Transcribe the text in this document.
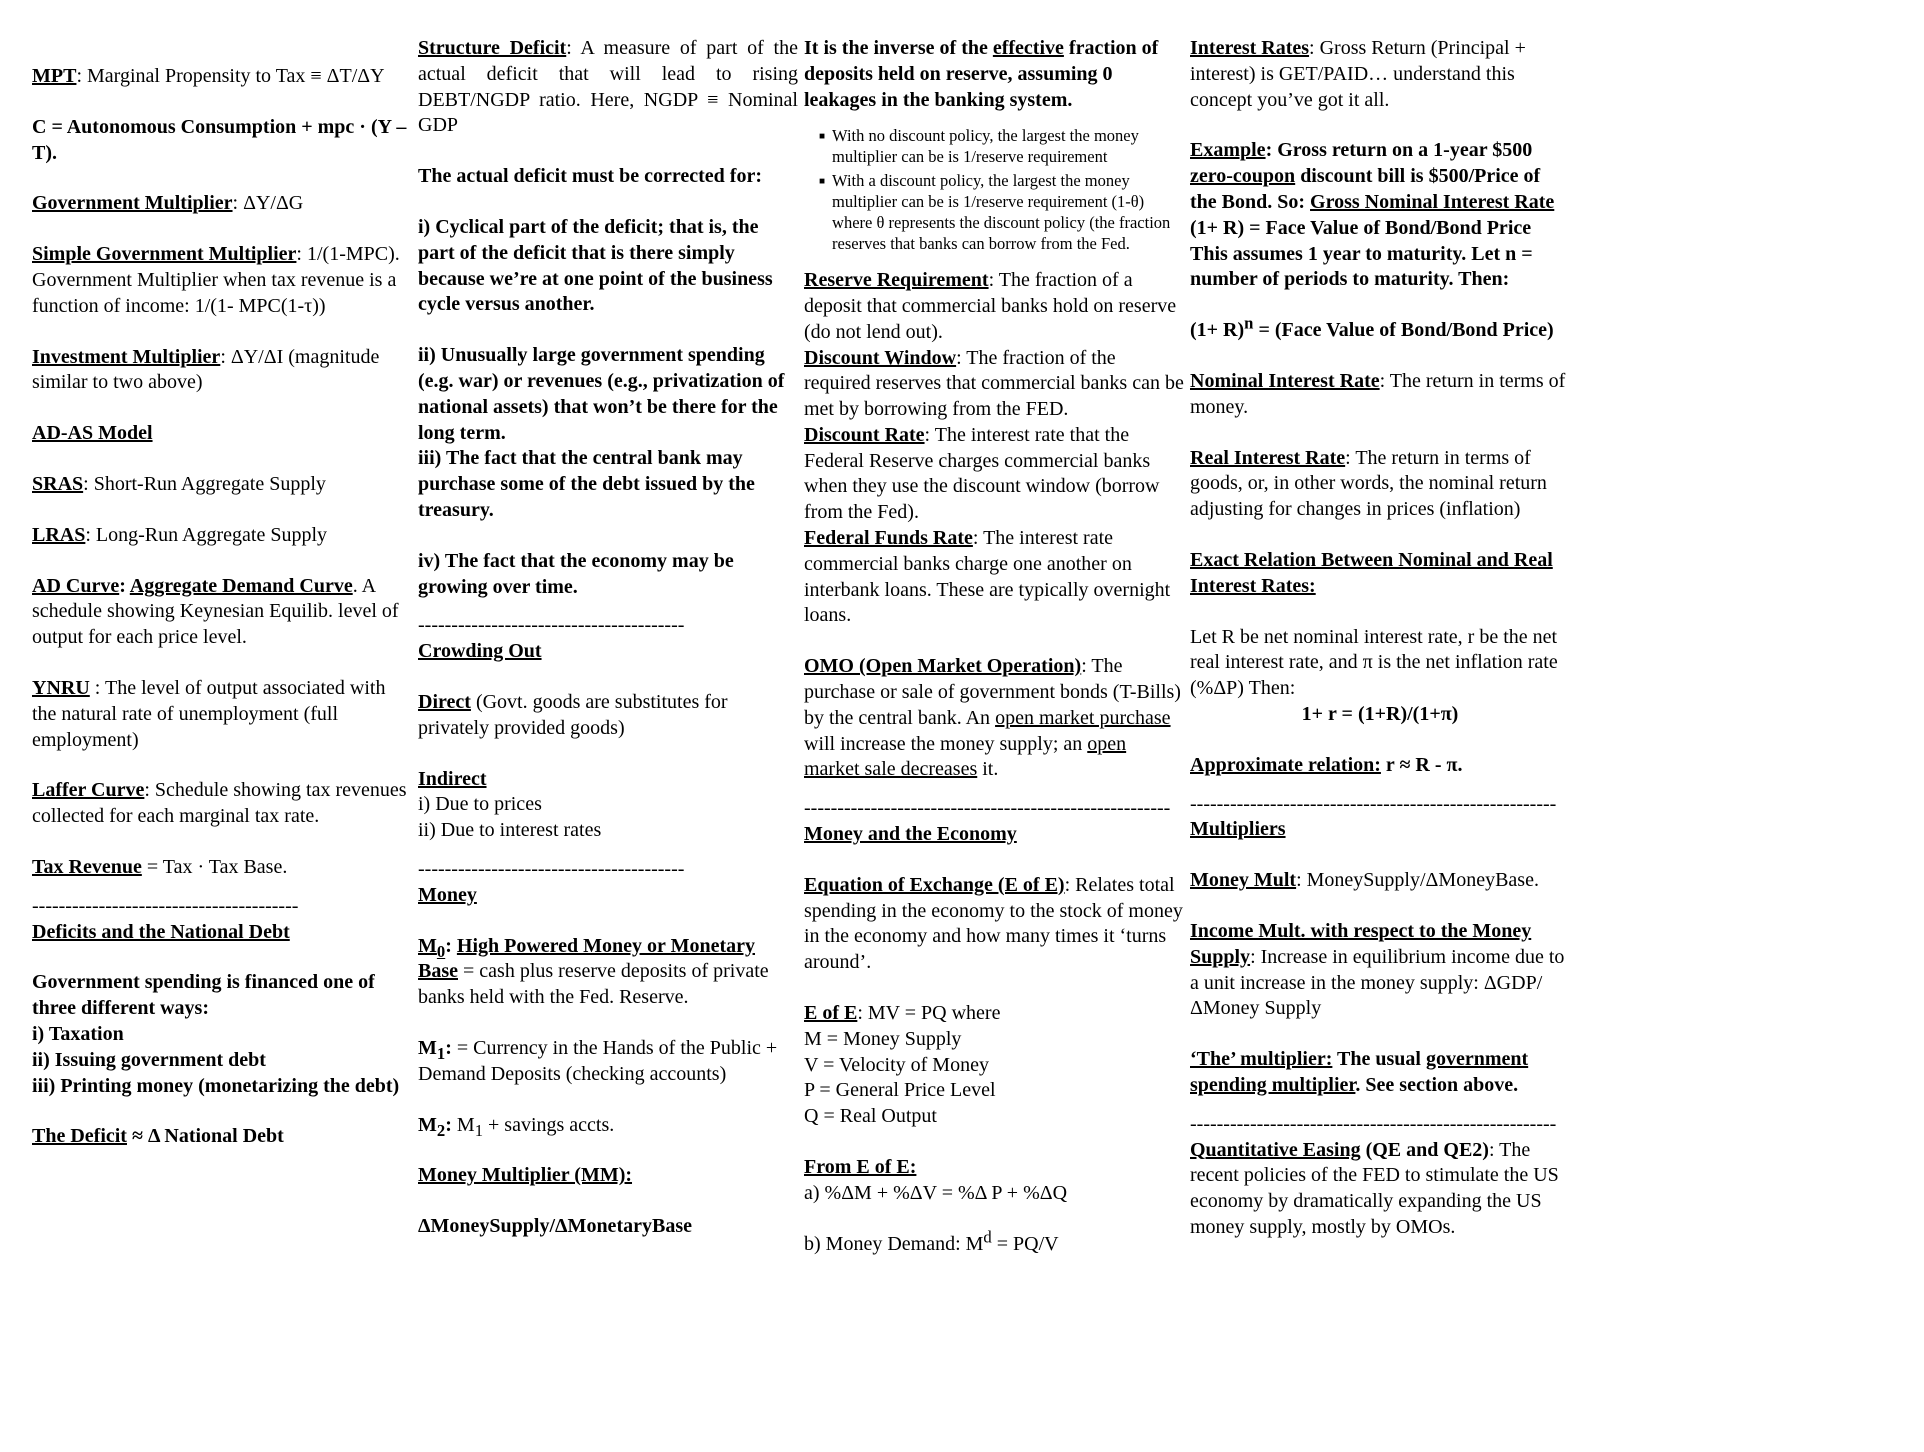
MPT: Marginal Propensity to Tax ≡ ΔT/ΔY
C = Autonomous Consumption + mpc · (Y – T).
Government Multiplier: ΔY/ΔG
Simple Government Multiplier: 1/(1-MPC). Government Multiplier when tax revenue is a function of income: 1/(1- MPC(1-τ))
Investment Multiplier: ΔY/ΔI (magnitude similar to two above)
AD-AS Model
SRAS: Short-Run Aggregate Supply
LRAS: Long-Run Aggregate Supply
AD Curve: Aggregate Demand Curve. A schedule showing Keynesian Equilib. level of output for each price level.
YNRU : The level of output associated with the natural rate of unemployment (full employment)
Laffer Curve: Schedule showing tax revenues collected for each marginal tax rate.
Tax Revenue = Tax · Tax Base.
----------------------------------------
Deficits and the National Debt
Government spending is financed one of three different ways:
i) Taxation
ii) Issuing government debt
iii) Printing money (monetarizing the debt)
The Deficit ≈ Δ National Debt
Structure Deficit: A measure of part of the actual deficit that will lead to rising DEBT/NGDP ratio. Here, NGDP ≡ Nominal GDP
The actual deficit must be corrected for:
i) Cyclical part of the deficit; that is, the part of the deficit that is there simply because we’re at one point of the business cycle versus another.
ii) Unusually large government spending (e.g. war) or revenues (e.g., privatization of national assets) that won’t be there for the long term.
iii) The fact that the central bank may purchase some of the debt issued by the treasury.
iv) The fact that the economy may be growing over time.
----------------------------------------
Crowding Out
Direct (Govt. goods are substitutes for privately provided goods)
Indirect
i) Due to prices
ii) Due to interest rates
----------------------------------------
Money
$M_0$: High Powered Money or Monetary Base = cash plus reserve deposits of private banks held with the Fed. Reserve.
$M_1$: = Currency in the Hands of the Public + Demand Deposits (checking accounts)
$M_2$: $M_1$ + savings accts.
Money Multiplier (MM):
ΔMoneySupply/ΔMonetaryBase
It is the inverse of the effective fraction of deposits held on reserve, assuming 0 leakages in the banking system.
■ With no discount policy, the largest the money multiplier can be is 1/reserve requirement
■ With a discount policy, the largest the money multiplier can be is 1/reserve requirement (1-θ) where θ represents the discount policy (the fraction reserves that banks can borrow from the Fed.
Reserve Requirement: The fraction of a deposit that commercial banks hold on reserve (do not lend out).
Discount Window: The fraction of the required reserves that commercial banks can be met by borrowing from the FED.
Discount Rate: The interest rate that the Federal Reserve charges commercial banks when they use the discount window (borrow from the Fed).
Federal Funds Rate: The interest rate commercial banks charge one another on interbank loans. These are typically overnight loans.
OMO (Open Market Operation): The purchase or sale of government bonds (T-Bills) by the central bank. An open market purchase will increase the money supply; an open market sale decreases it.
-------------------------------------------------------
Money and the Economy
Equation of Exchange (E of E): Relates total spending in the economy to the stock of money in the economy and how many times it ‘turns around’.
E of E: MV = PQ where
M = Money Supply
V = Velocity of Money
P = General Price Level
Q = Real Output
From E of E:
a) %ΔM + %ΔV = %Δ P + %ΔQ
b) Money Demand: $M^d = PQ/V$
Interest Rates: Gross Return (Principal + interest) is GET/PAID… understand this concept you’ve got it all.
Example: Gross return on a 1-year $500 zero-coupon discount bill is $500/Price of the Bond. So: Gross Nominal Interest Rate
(1+ R) = Face Value of Bond/Bond Price
This assumes 1 year to maturity. Let n = number of periods to maturity. Then:
$(1+ R)^n$ = (Face Value of Bond/Bond Price)
Nominal Interest Rate: The return in terms of money.
Real Interest Rate: The return in terms of goods, or, in other words, the nominal return adjusting for changes in prices (inflation)
Exact Relation Between Nominal and Real Interest Rates:
Let R be net nominal interest rate, r be the net real interest rate, and π is the net inflation rate (%ΔP) Then:
1+ r = (1+R)/(1+π)
Approximate relation: r ≈ R - π.
-------------------------------------------------------
Multipliers
Money Mult: MoneySupply/ΔMoneyBase.
Income Mult. with respect to the Money Supply: Increase in equilibrium income due to a unit increase in the money supply: ΔGDP/ΔMoney Supply
‘The’ multiplier: The usual government spending multiplier. See section above.
-------------------------------------------------------
Quantitative Easing (QE and QE2): The recent policies of the FED to stimulate the US economy by dramatically expanding the US money supply, mostly by OMOs.
